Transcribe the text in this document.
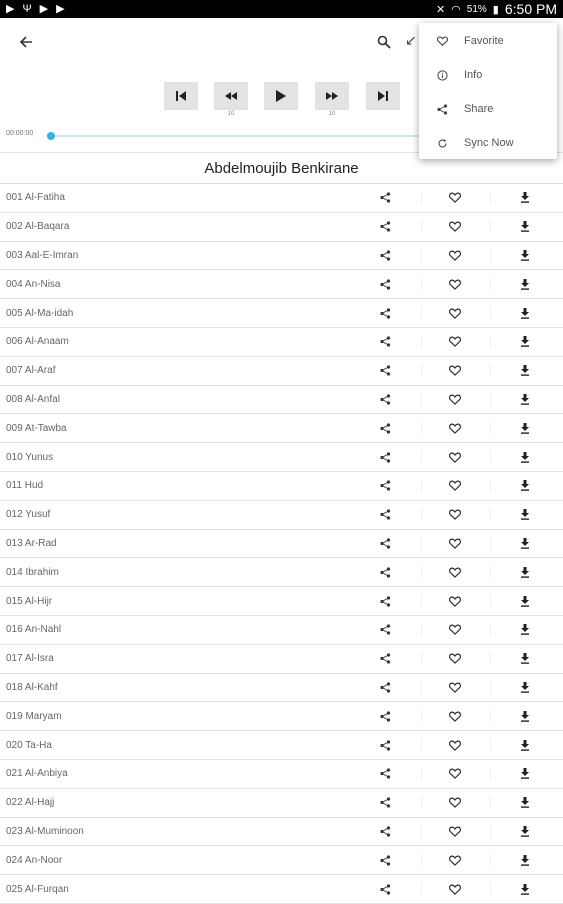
▶ Ψ ▶ ▶	✕ ◠ 51% ▮ 6:50 PM
↙
10	10
00:00:00
Abdelmoujib Benkirane
001 Al-Fatiha
002 Al-Baqara
003 Aal-E-Imran
004 An-Nisa
005 Al-Ma-idah
006 Al-Anaam
007 Al-Araf
008 Al-Anfal
009 At-Tawba
010 Yunus
011 Hud
012 Yusuf
013 Ar-Rad
014 Ibrahim
015 Al-Hijr
016 An-Nahl
017 Al-Isra
018 Al-Kahf
019 Maryam
020 Ta-Ha
021 Al-Anbiya
022 Al-Hajj
023 Al-Muminoon
024 An-Noor
025 Al-Furqan
Favorite
Info
Share
Sync Now
